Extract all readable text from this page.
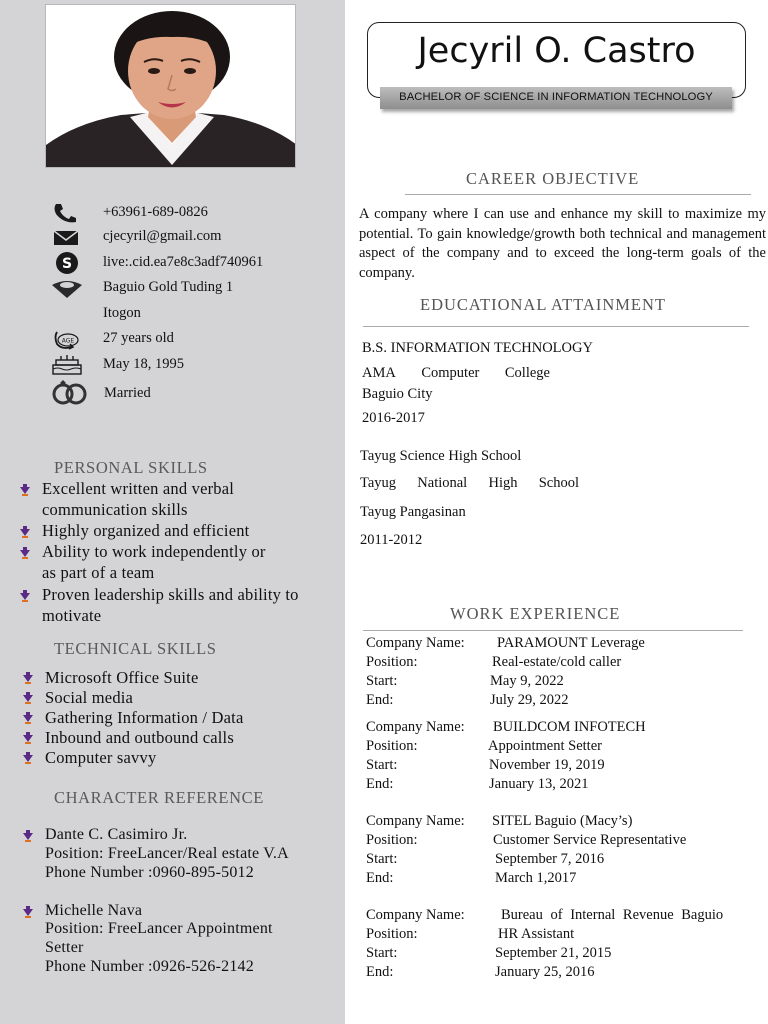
+63961-689-0826
cjecyril@gmail.com
S live:.cid.ea7e8c3adf740961
Baguio Gold Tuding 1
Itogon
AGE 27 years old
May 18, 1995
Married
PERSONAL SKILLS
Excellent written and verbal
communication skills
Highly organized and efficient
Ability to work independently or
as part of a team
Proven leadership skills and ability to
motivate
TECHNICAL SKILLS
Microsoft Office Suite
Social media
Gathering Information / Data
Inbound and outbound calls
Computer savvy
CHARACTER REFERENCE
Dante C. Casimiro Jr.
Position: FreeLancer/Real estate V.A
Phone Number :0960-895-5012
Michelle Nava
Position: FreeLancer Appointment
Setter
Phone Number :0926-526-2142
Jecyril O. Castro
BACHELOR OF SCIENCE IN INFORMATION TECHNOLOGY
CAREER OBJECTIVE
A company where I can use and enhance my skill to maximize my potential. To gain knowledge/growth both technical and management aspect of the company and to exceed the long-term goals of the company.
EDUCATIONAL ATTAINMENT
B.S. INFORMATION TECHNOLOGY
AMA Computer College
Baguio City
2016-2017
Tayug Science High School
Tayug National High School
Tayug Pangasinan
2011-2012
WORK EXPERIENCE
Company Name: PARAMOUNT Leverage
Position:	Real-estate/cold caller
Start:	May 9, 2022
End:	July 29, 2022
Company Name: BUILDCOM INFOTECH
Position:	Appointment Setter
Start:	November 19, 2019
End:	January 13, 2021
Company Name: SITEL Baguio (Macy’s)
Position:	Customer Service Representative
Start:	September 7, 2016
End:	March 1,2017
Company Name:	Bureau of Internal Revenue Baguio
Position:	HR Assistant
Start:	September 21, 2015
End:	January 25, 2016
